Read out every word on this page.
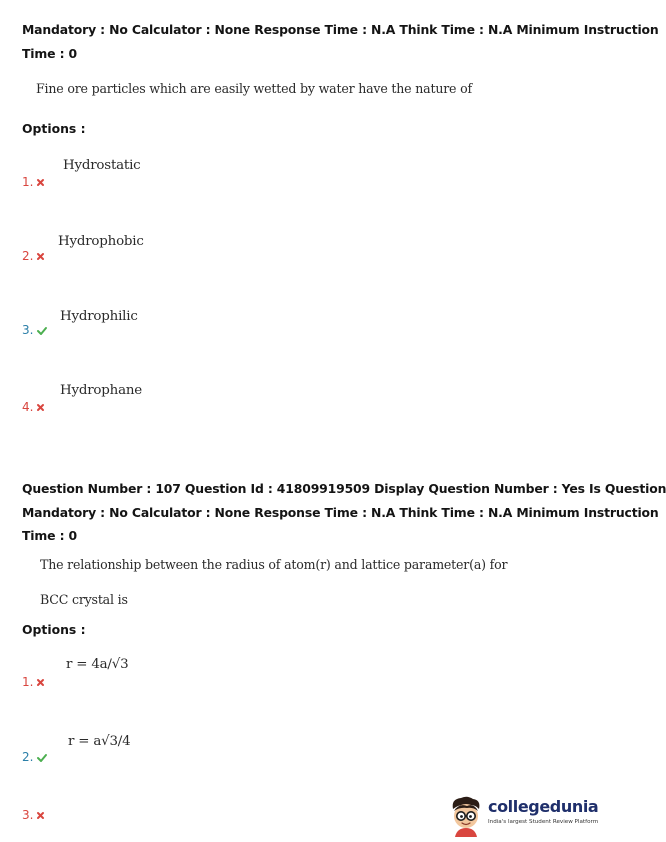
Mandatory : No Calculator : None Response Time : N.A Think Time : N.A Minimum Instruction
Time : 0
Fine ore particles which are easily wetted by water have the nature of
Options :
Hydrostatic
1.
Hydrophobic
2.
Hydrophilic
3.
Hydrophane
4.
Question Number : 107 Question Id : 41809919509 Display Question Number : Yes Is Question
Mandatory : No Calculator : None Response Time : N.A Think Time : N.A Minimum Instruction
Time : 0
The relationship between the radius of atom(r) and lattice parameter(a) for
BCC crystal is
Options :
r = 4a/√3
1.
r = a√3/4
2.
3.	collegedunia
India's largest Student Review Platform
